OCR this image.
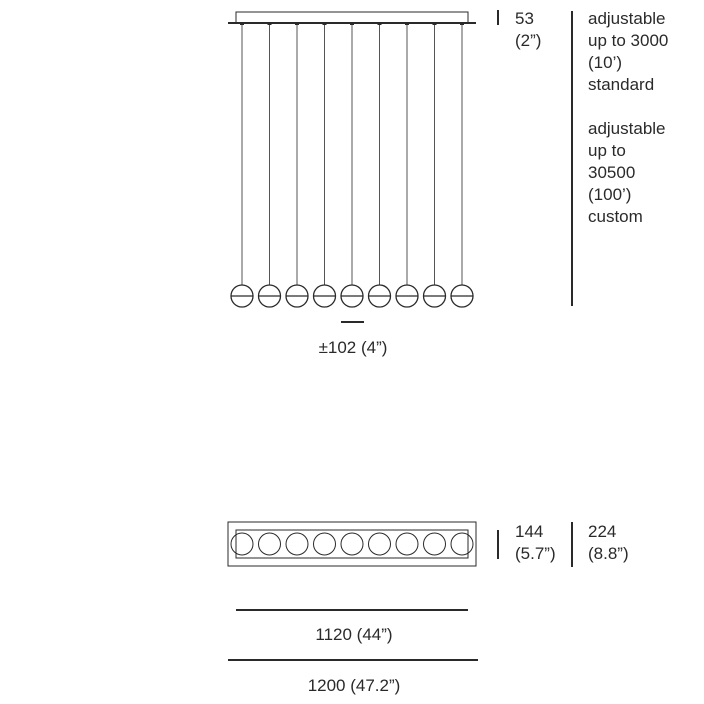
53
(2”)
adjustable
up to 3000
(10’)
standard
adjustable
up to
30500
(100’)
custom
±102 (4”)
144
(5.7”)
224
(8.8”)
1120 (44”)
1200 (47.2”)
